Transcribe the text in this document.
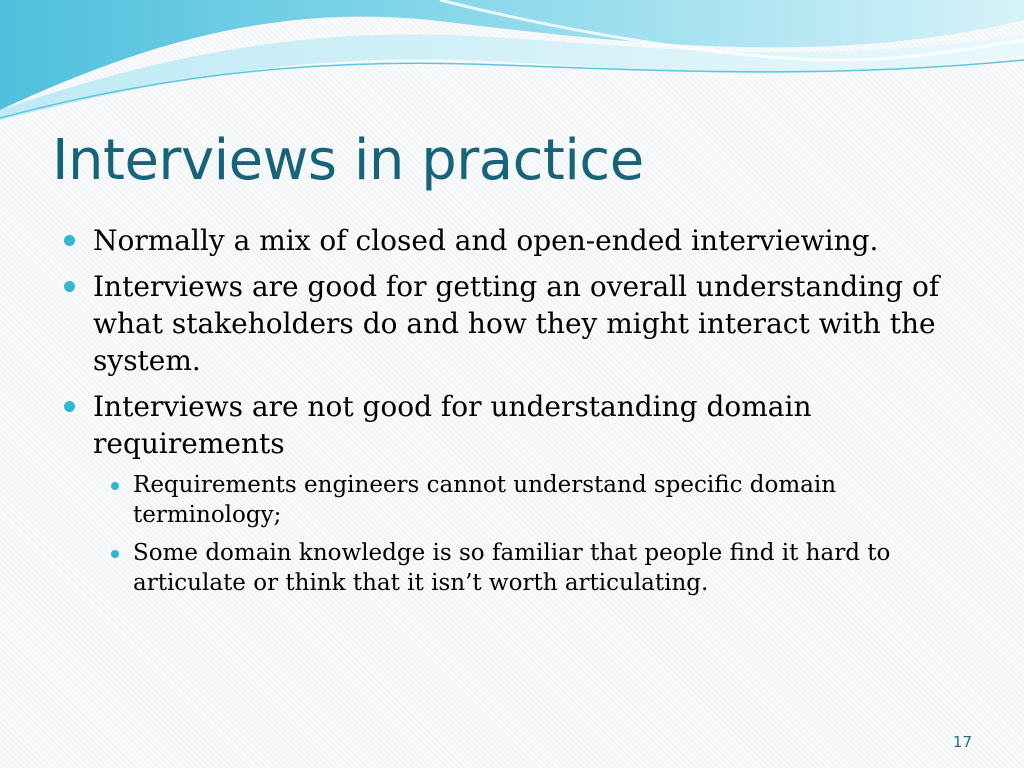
Interviews in practice
Normally a mix of closed and open-ended interviewing.
Interviews are good for getting an overall understanding of what stakeholders do and how they might interact with the system.
Interviews are not good for understanding domain requirements
Requirements engineers cannot understand specific domain terminology;
Some domain knowledge is so familiar that people find it hard to articulate or think that it isn’t worth articulating.
17
